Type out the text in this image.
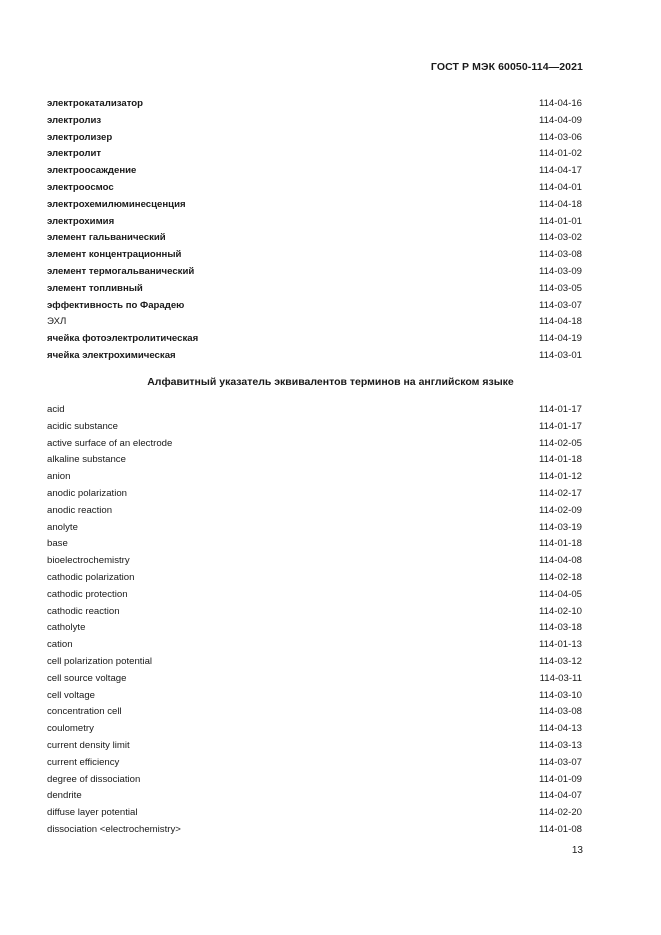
ГОСТ Р МЭК 60050-114—2021
электрокатализатор	114-04-16
электролиз	114-04-09
электролизер	114-03-06
электролит	114-01-02
электроосаждение	114-04-17
электроосмос	114-04-01
электрохемилюминесценция	114-04-18
электрохимия	114-01-01
элемент гальванический	114-03-02
элемент концентрационный	114-03-08
элемент термогальванический	114-03-09
элемент топливный	114-03-05
эффективность по Фарадею	114-03-07
ЭХЛ	114-04-18
ячейка фотоэлектролитическая	114-04-19
ячейка электрохимическая	114-03-01
Алфавитный указатель эквивалентов терминов на английском языке
acid	114-01-17
acidic substance	114-01-17
active surface of an electrode	114-02-05
alkaline substance	114-01-18
anion	114-01-12
anodic polarization	114-02-17
anodic reaction	114-02-09
anolyte	114-03-19
base	114-01-18
bioelectrochemistry	114-04-08
cathodic polarization	114-02-18
cathodic protection	114-04-05
cathodic reaction	114-02-10
catholyte	114-03-18
cation	114-01-13
cell polarization potential	114-03-12
cell source voltage	114-03-11
cell voltage	114-03-10
concentration cell	114-03-08
coulometry	114-04-13
current density limit	114-03-13
current efficiency	114-03-07
degree of dissociation	114-01-09
dendrite	114-04-07
diffuse layer potential	114-02-20
dissociation <electrochemistry>	114-01-08
13
